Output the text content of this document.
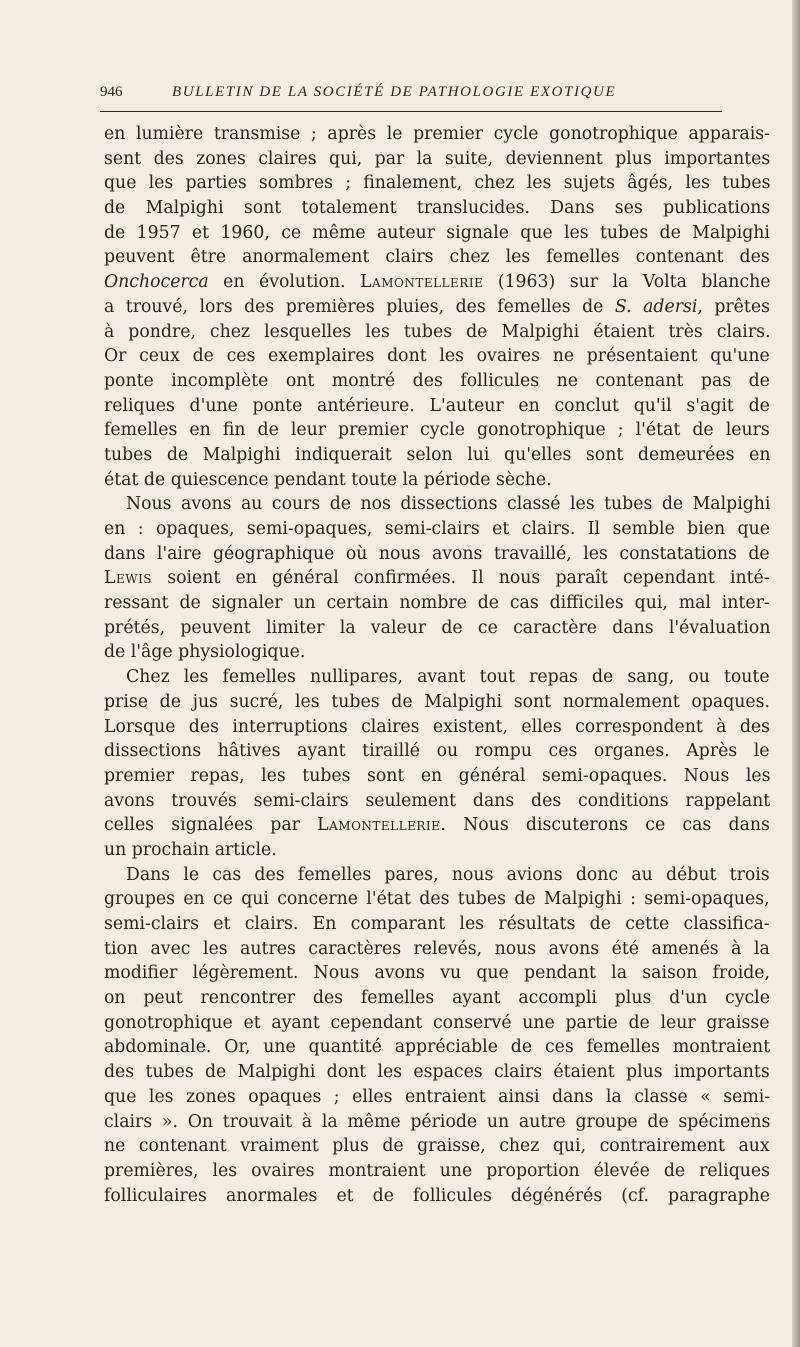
946	BULLETIN DE LA SOCIÉTÉ DE PATHOLOGIE EXOTIQUE
en lumière transmise ; après le premier cycle gonotrophique apparais-
sent des zones claires qui, par la suite, deviennent plus importantes
que les parties sombres ; finalement, chez les sujets âgés, les tubes
de Malpighi sont totalement translucides. Dans ses publications
de 1957 et 1960, ce même auteur signale que les tubes de Malpighi
peuvent être anormalement clairs chez les femelles contenant des
Onchocerca en évolution. Lamontellerie (1963) sur la Volta blanche
a trouvé, lors des premières pluies, des femelles de S. adersi, prêtes
à pondre, chez lesquelles les tubes de Malpighi étaient très clairs.
Or ceux de ces exemplaires dont les ovaires ne présentaient qu'une
ponte incomplète ont montré des follicules ne contenant pas de
reliques d'une ponte antérieure. L'auteur en conclut qu'il s'agit de
femelles en fin de leur premier cycle gonotrophique ; l'état de leurs
tubes de Malpighi indiquerait selon lui qu'elles sont demeurées en
état de quiescence pendant toute la période sèche.
Nous avons au cours de nos dissections classé les tubes de Malpighi
en : opaques, semi-opaques, semi-clairs et clairs. Il semble bien que
dans l'aire géographique où nous avons travaillé, les constatations de
Lewis soient en général confirmées. Il nous paraît cependant inté-
ressant de signaler un certain nombre de cas difficiles qui, mal inter-
prétés, peuvent limiter la valeur de ce caractère dans l'évaluation
de l'âge physiologique.
Chez les femelles nullipares, avant tout repas de sang, ou toute
prise de jus sucré, les tubes de Malpighi sont normalement opaques.
Lorsque des interruptions claires existent, elles correspondent à des
dissections hâtives ayant tiraillé ou rompu ces organes. Après le
premier repas, les tubes sont en général semi-opaques. Nous les
avons trouvés semi-clairs seulement dans des conditions rappelant
celles signalées par Lamontellerie. Nous discuterons ce cas dans
un prochain article.
Dans le cas des femelles pares, nous avions donc au début trois
groupes en ce qui concerne l'état des tubes de Malpighi : semi-opaques,
semi-clairs et clairs. En comparant les résultats de cette classifica-
tion avec les autres caractères relevés, nous avons été amenés à la
modifier légèrement. Nous avons vu que pendant la saison froide,
on peut rencontrer des femelles ayant accompli plus d'un cycle
gonotrophique et ayant cependant conservé une partie de leur graisse
abdominale. Or, une quantité appréciable de ces femelles montraient
des tubes de Malpighi dont les espaces clairs étaient plus importants
que les zones opaques ; elles entraient ainsi dans la classe « semi-
clairs ». On trouvait à la même période un autre groupe de spécimens
ne contenant vraiment plus de graisse, chez qui, contrairement aux
premières, les ovaires montraient une proportion élevée de reliques
folliculaires anormales et de follicules dégénérés (cf. paragraphe
